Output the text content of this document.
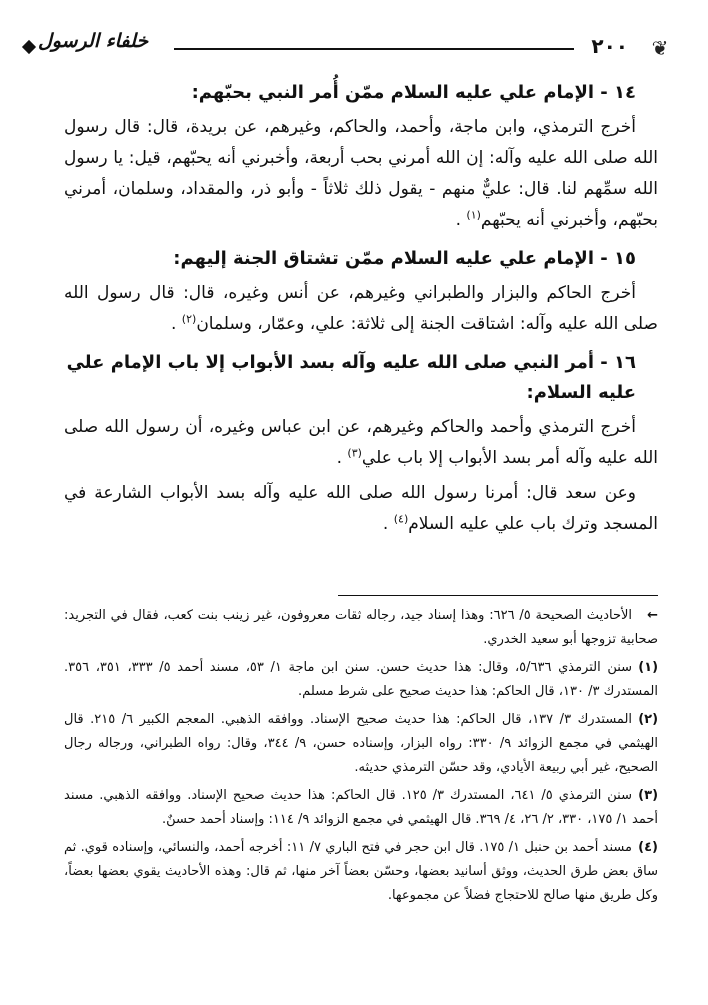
❦
٢٠٠
خلفاء الرسول

١٤ - الإمام علي عليه السلام ممّن أُمر النبي بحبّهم:

أخرج الترمذي، وابن ماجة، وأحمد، والحاكم، وغيرهم، عن بريدة، قال: قال رسول الله صلى الله عليه وآله: إن الله أمرني بحب أربعة، وأخبرني أنه يحبّهم، قيل: يا رسول الله سمِّهم لنا. قال: عليٌّ منهم - يقول ذلك ثلاثاً - وأبو ذر، والمقداد، وسلمان، أمرني بحبّهم، وأخبرني أنه يحبّهم$^{(١)}$ .

١٥ - الإمام علي عليه السلام ممّن تشتاق الجنة إليهم:

أخرج الحاكم والبزار والطبراني وغيرهم، عن أنس وغيره، قال: قال رسول الله صلى الله عليه وآله: اشتاقت الجنة إلى ثلاثة: علي، وعمّار، وسلمان$^{(٢)}$ .

١٦ - أمر النبي صلى الله عليه وآله بسد الأبواب إلا باب الإمام علي عليه السلام:

أخرج الترمذي وأحمد والحاكم وغيرهم، عن ابن عباس وغيره، أن رسول الله صلى الله عليه وآله أمر بسد الأبواب إلا باب علي$^{(٣)}$ .

وعن سعد قال: أمرنا رسول الله صلى الله عليه وآله بسد الأبواب الشارعة في المسجد وترك باب علي عليه السلام$^{(٤)}$ .

←الأحاديث الصحيحة ٥/ ٦٢٦: وهذا إسناد جيد، رجاله ثقات معروفون، غير زينب بنت كعب، فقال في التجريد: صحابية تزوجها أبو سعيد الخدري.

(١)سنن الترمذي ٥/٦٣٦، وقال: هذا حديث حسن. سنن ابن ماجة ١/ ٥٣، مسند أحمد ٥/ ٣٣٣، ٣٥١، ٣٥٦. المستدرك ٣/ ١٣٠، قال الحاكم: هذا حديث صحيح على شرط مسلم.

(٢)المستدرك ٣/ ١٣٧، قال الحاكم: هذا حديث صحيح الإسناد. ووافقه الذهبي. المعجم الكبير ٦/ ٢١٥. قال الهيثمي في مجمع الزوائد ٩/ ٣٣٠: رواه البزار، وإسناده حسن، ٩/ ٣٤٤، وقال: رواه الطبراني، ورجاله رجال الصحيح، غير أبي ربيعة الأيادي، وقد حسّن الترمذي حديثه.

(٣)سنن الترمذي ٥/ ٦٤١، المستدرك ٣/ ١٢٥. قال الحاكم: هذا حديث صحيح الإسناد. ووافقه الذهبي. مسند أحمد ١/ ١٧٥، ٣٣٠، ٢/ ٢٦، ٤/ ٣٦٩. قال الهيثمي في مجمع الزوائد ٩/ ١١٤: وإسناد أحمد حسنٌ.

(٤)مسند أحمد بن حنبل ١/ ١٧٥. قال ابن حجر في فتح الباري ٧/ ١١: أخرجه أحمد، والنسائي، وإسناده قوي. ثم ساق بعض طرق الحديث، ووثق أسانيد بعضها، وحسّن بعضاً آخر منها، ثم قال: وهذه الأحاديث يقوي بعضها بعضاً، وكل طريق منها صالح للاحتجاج فضلاً عن مجموعها.
